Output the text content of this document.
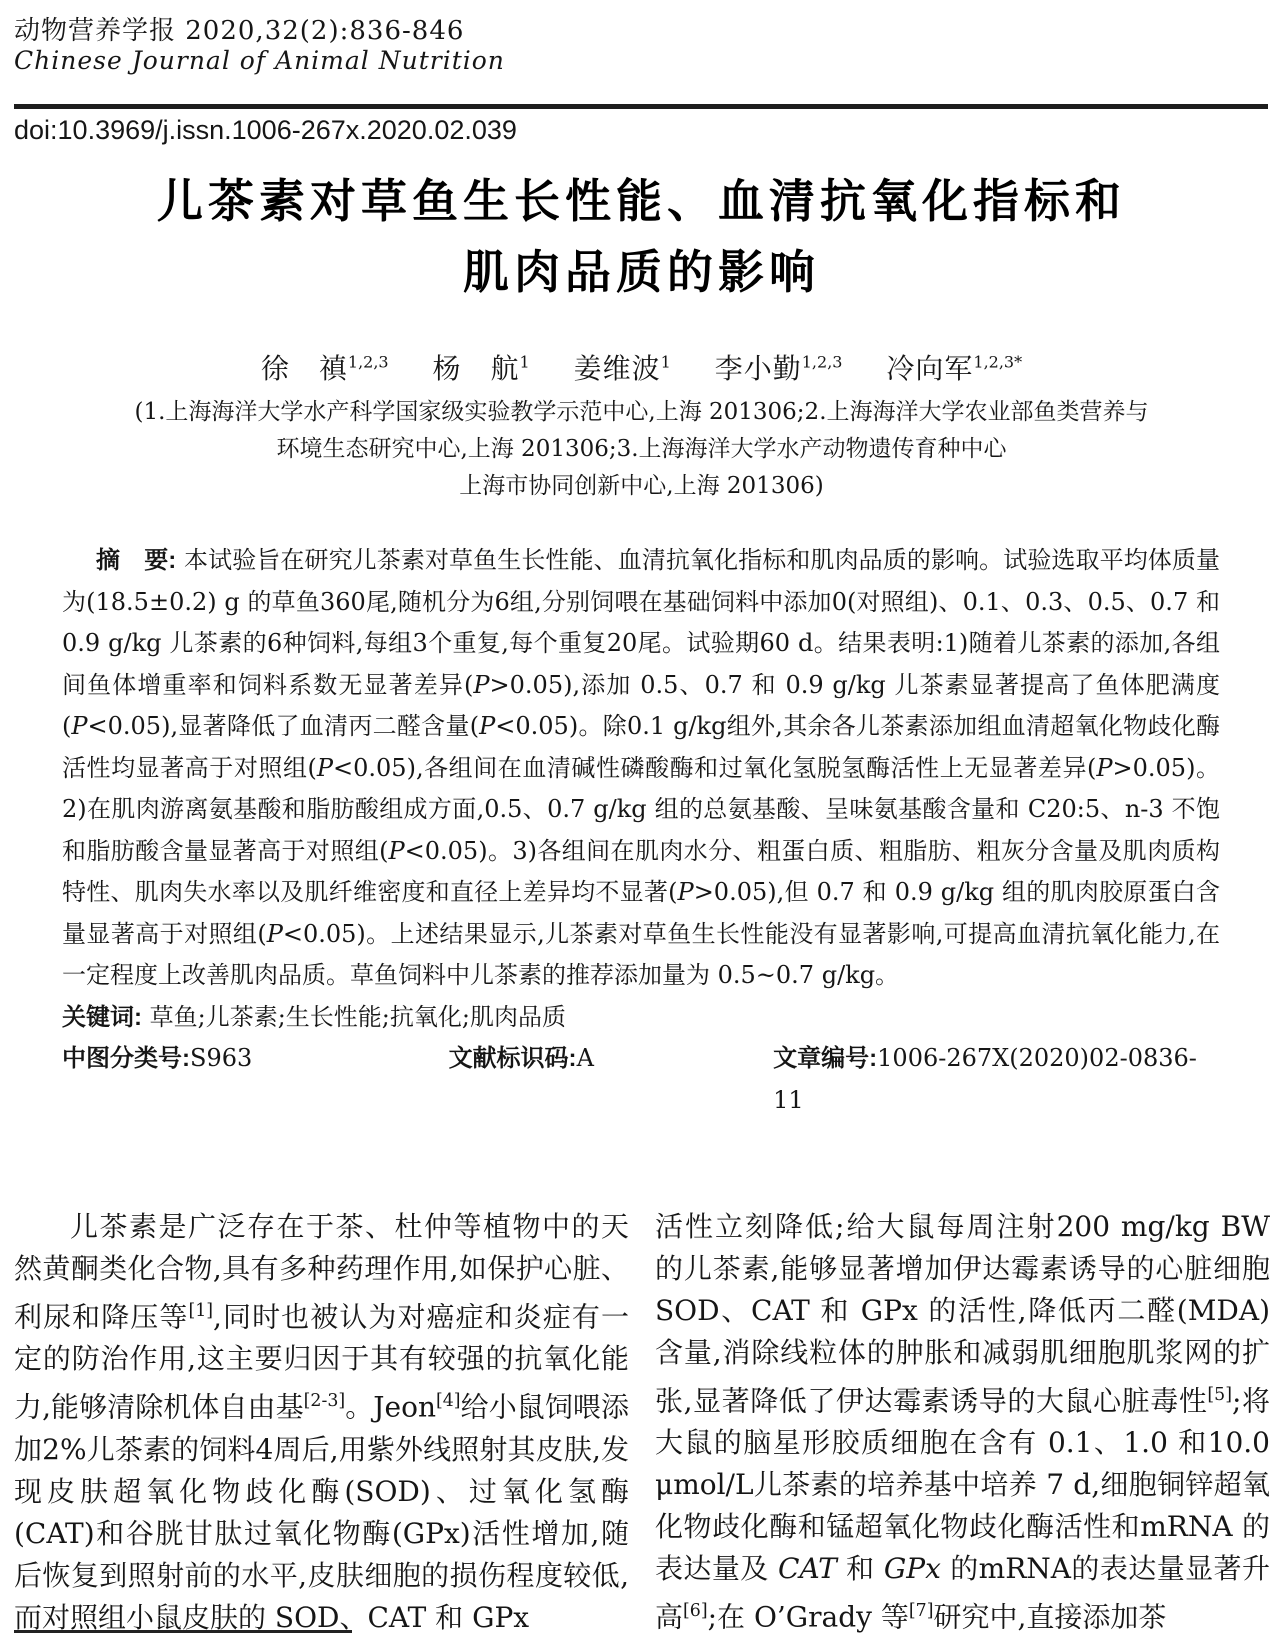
动物营养学报 2020,32(2):836-846
Chinese Journal of Animal Nutrition
doi:10.3969/j.issn.1006-267x.2020.02.039
儿茶素对草鱼生长性能、血清抗氧化指标和
肌肉品质的影响
徐　禛$^{1,2,3}$ 杨　航$^1$ 姜维波$^1$ 李小勤$^{1,2,3}$ 冷向军$^{1,2,3*}$
(1.上海海洋大学水产科学国家级实验教学示范中心,上海 201306;2.上海海洋大学农业部鱼类营养与
环境生态研究中心,上海 201306;3.上海海洋大学水产动物遗传育种中心
上海市协同创新中心,上海 201306)

摘　要: 本试验旨在研究儿茶素对草鱼生长性能、血清抗氧化指标和肌肉品质的影响。试验选取平均体质量为(18.5±0.2) g 的草鱼360尾,随机分为6组,分别饲喂在基础饲料中添加0(对照组)、0.1、0.3、0.5、0.7 和 0.9 g/kg 儿茶素的6种饲料,每组3个重复,每个重复20尾。试验期60 d。结果表明:1)随着儿茶素的添加,各组间鱼体增重率和饲料系数无显著差异(P>0.05),添加 0.5、0.7 和 0.9 g/kg 儿茶素显著提高了鱼体肥满度(P<0.05),显著降低了血清丙二醛含量(P<0.05)。除0.1 g/kg组外,其余各儿茶素添加组血清超氧化物歧化酶活性均显著高于对照组(P<0.05),各组间在血清碱性磷酸酶和过氧化氢脱氢酶活性上无显著差异(P>0.05)。2)在肌肉游离氨基酸和脂肪酸组成方面,0.5、0.7 g/kg 组的总氨基酸、呈味氨基酸含量和 C20:5、n-3 不饱和脂肪酸含量显著高于对照组(P<0.05)。3)各组间在肌肉水分、粗蛋白质、粗脂肪、粗灰分含量及肌肉质构特性、肌肉失水率以及肌纤维密度和直径上差异均不显著(P>0.05),但 0.7 和 0.9 g/kg 组的肌肉胶原蛋白含量显著高于对照组(P<0.05)。上述结果显示,儿茶素对草鱼生长性能没有显著影响,可提高血清抗氧化能力,在一定程度上改善肌肉品质。草鱼饲料中儿茶素的推荐添加量为 0.5~0.7 g/kg。

关键词: 草鱼;儿茶素;生长性能;抗氧化;肌肉品质

中图分类号:S963	文献标识码:A	文章编号:1006-267X(2020)02-0836-11

儿茶素是广泛存在于茶、杜仲等植物中的天然黄酮类化合物,具有多种药理作用,如保护心脏、利尿和降压等[1],同时也被认为对癌症和炎症有一定的防治作用,这主要归因于其有较强的抗氧化能力,能够清除机体自由基[2-3]。Jeon[4]给小鼠饲喂添加2%儿茶素的饲料4周后,用紫外线照射其皮肤,发现皮肤超氧化物歧化酶(SOD)、过氧化氢酶(CAT)和谷胱甘肽过氧化物酶(GPx)活性增加,随后恢复到照射前的水平,皮肤细胞的损伤程度较低,而对照组小鼠皮肤的 SOD、CAT 和 GPx

活性立刻降低;给大鼠每周注射200 mg/kg BW 的儿茶素,能够显著增加伊达霉素诱导的心脏细胞SOD、CAT 和 GPx 的活性,降低丙二醛(MDA)含量,消除线粒体的肿胀和减弱肌细胞肌浆网的扩张,显著降低了伊达霉素诱导的大鼠心脏毒性[5];将大鼠的脑星形胶质细胞在含有 0.1、1.0 和10.0 μmol/L儿茶素的培养基中培养 7 d,细胞铜锌超氧化物歧化酶和锰超氧化物歧化酶活性和mRNA 的表达量及 CAT 和 GPx 的mRNA的表达量显著升高[6];在 O’Grady 等[7]研究中,直接添加茶
